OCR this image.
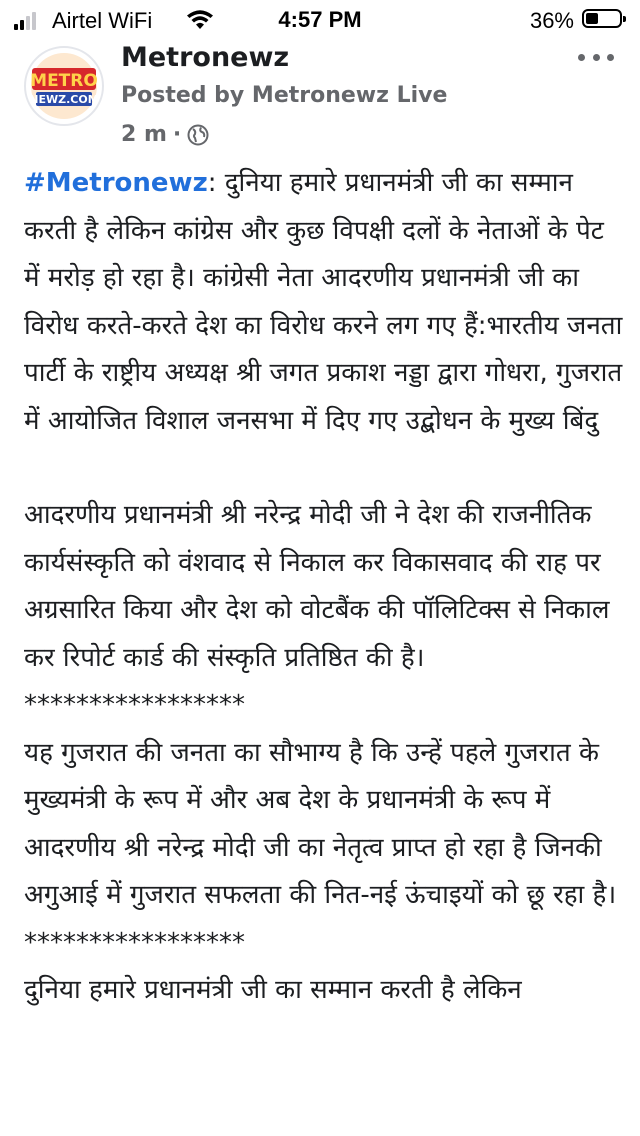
Airtel WiFi	4:57 PM	36%
METRO
NEWZ.COM
Metronewz
Posted by Metronewz Live
2 m ·

#Metronewz: दुनिया हमारे प्रधानमंत्री जी का सम्मान करती है लेकिन कांग्रेस और कुछ विपक्षी दलों के नेताओं के पेट में मरोड़ हो रहा है। कांग्रेसी नेता आदरणीय प्रधानमंत्री जी का विरोध करते-करते देश का विरोध करने लग गए हैं:भारतीय जनता पार्टी के राष्ट्रीय अध्यक्ष श्री जगत प्रकाश नड्डा द्वारा गोधरा, गुजरात में आयोजित विशाल जनसभा में दिए गए उद्बोधन के मुख्य बिंदु

आदरणीय प्रधानमंत्री श्री नरेन्द्र मोदी जी ने देश की राजनीतिक कार्यसंस्कृति को वंशवाद से निकाल कर विकासवाद की राह पर अग्रसारित किया और देश को वोटबैंक की पॉलिटिक्स से निकाल कर रिपोर्ट कार्ड की संस्कृति प्रतिष्ठित की है।

*****************

यह गुजरात की जनता का सौभाग्य है कि उन्हें पहले गुजरात के मुख्यमंत्री के रूप में और अब देश के प्रधानमंत्री के रूप में आदरणीय श्री नरेन्द्र मोदी जी का नेतृत्व प्राप्त हो रहा है जिनकी अगुआई में गुजरात सफलता की नित-नई ऊंचाइयों को छू रहा है।

*****************

दुनिया हमारे प्रधानमंत्री जी का सम्मान करती है लेकिन
